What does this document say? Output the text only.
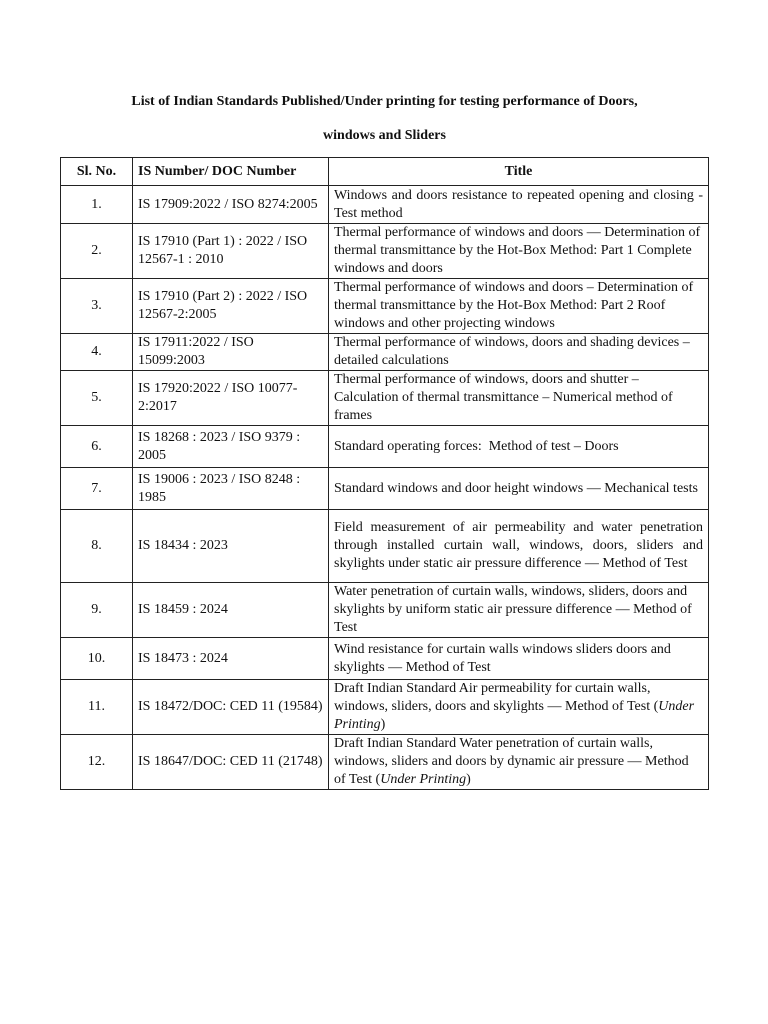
List of Indian Standards Published/Under printing for testing performance of Doors,
windows and Sliders
Sl. No.	IS Number/ DOC Number	Title
1.	IS 17909:2022 / ISO 8274:2005	Windows and doors resistance to repeated opening and closing -Test method
2.	IS 17910 (Part 1) : 2022 / ISO 12567-1 : 2010	Thermal performance of windows and doors — Determination of thermal transmittance by the Hot-Box Method: Part 1 Complete windows and doors
3.	IS 17910 (Part 2) : 2022 / ISO 12567-2:2005	Thermal performance of windows and doors – Determination of thermal transmittance by the Hot-Box Method: Part 2 Roof windows and other projecting windows
4.	IS 17911:2022 / ISO 15099:2003	Thermal performance of windows, doors and shading devices – detailed calculations
5.	IS 17920:2022 / ISO 10077-2:2017	Thermal performance of windows, doors and shutter – Calculation of thermal transmittance – Numerical method of frames
6.	IS 18268 : 2023 / ISO 9379 : 2005	Standard operating forces:  Method of test – Doors
7.	IS 19006 : 2023 / ISO 8248 : 1985	Standard windows and door height windows — Mechanical tests
8.	IS 18434 : 2023	Field measurement of air permeability and water penetration through installed curtain wall, windows, doors, sliders and skylights under static air pressure difference — Method of Test
9.	IS 18459 : 2024	Water penetration of curtain walls, windows, sliders, doors and skylights by uniform static air pressure difference — Method of Test
10.	IS 18473 : 2024	Wind resistance for curtain walls windows sliders doors and skylights — Method of Test
11.	IS 18472/DOC: CED 11 (19584)	Draft Indian Standard Air permeability for curtain walls, windows, sliders, doors and skylights — Method of Test (Under Printing)
12.	IS 18647/DOC: CED 11 (21748)	Draft Indian Standard Water penetration of curtain walls, windows, sliders and doors by dynamic air pressure — Method of Test (Under Printing)
